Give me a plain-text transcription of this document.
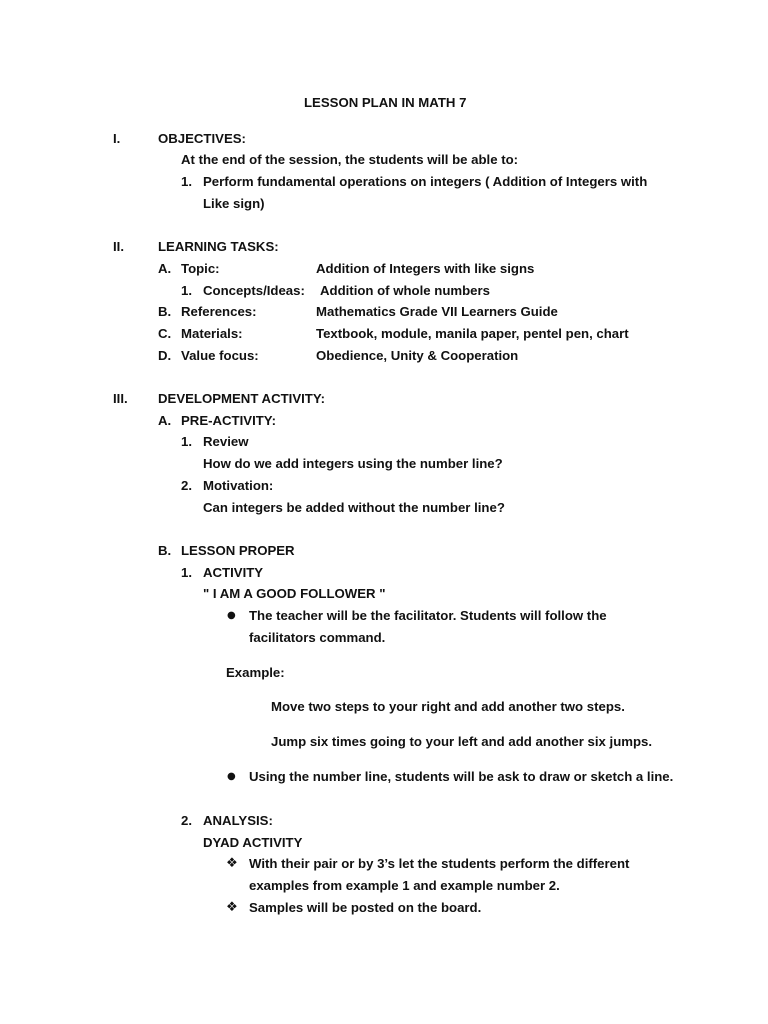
LESSON PLAN IN MATH 7
I.	OBJECTIVES:
At the end of the session, the students will be able to:
1. Perform fundamental operations on integers ( Addition of Integers with
Like sign)
II.	LEARNING TASKS:
A. Topic:	Addition of Integers with like signs
1. Concepts/Ideas: Addition of whole numbers
B. References:	Mathematics Grade VII Learners Guide
C. Materials:	Textbook, module, manila paper, pentel pen, chart
D. Value focus:	Obedience, Unity & Cooperation
III. DEVELOPMENT ACTIVITY:
A. PRE-ACTIVITY:
1. Review
How do we add integers using the number line?
2. Motivation:
Can integers be added without the number line?
B. LESSON PROPER
1. ACTIVITY
" I AM A GOOD FOLLOWER "
● The teacher will be the facilitator. Students will follow the
facilitators command.
Example:
Move two steps to your right and add another two steps.
Jump six times going to your left and add another six jumps.
● Using the number line, students will be ask to draw or sketch a line.
2. ANALYSIS:
DYAD ACTIVITY
❖ With their pair or by 3’s let the students perform the different
examples from example 1 and example number 2.
❖ Samples will be posted on the board.
